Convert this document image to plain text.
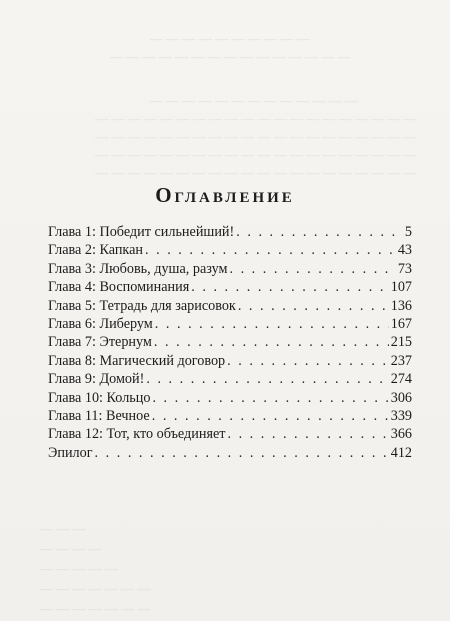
— — — — — — — — — —
— — — — — — — — — — — — — — —
— — — — — — — — — — — — —
— — — — — — — — — — — — — — — — — — — —
— — — — — — — — — — — — — — — — — — — —
— — — — — — — — — — — — — — — — — — — —
— — — — — — — — — — — — — — — — — — — —
— — —
— — — —
— — — — —
— — — — — — —
— — — — — — —
Оглавление
Глава 1: Победит сильнейший! . . .	5
Глава 2: Капкан . . .	43
Глава 3: Любовь, душа, разум . . .	73
Глава 4: Воспоминания . . .	107
Глава 5: Тетрадь для зарисовок . . .	136
Глава 6: Либерум . . .	167
Глава 7: Этернум . . .	215
Глава 8: Магический договор . . .	237
Глава 9: Домой! . . .	274
Глава 10: Кольцо . . .	306
Глава 11: Вечное . . .	339
Глава 12: Тот, кто объединяет . . .	366
Эпилог . . .	412
